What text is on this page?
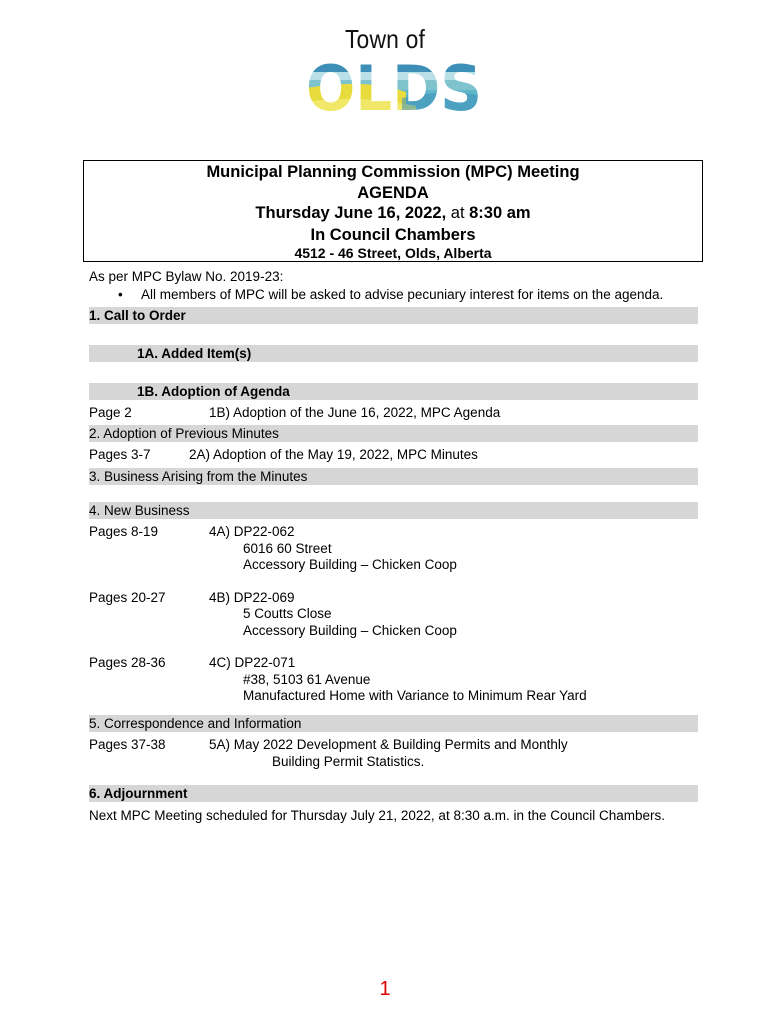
Town of
Municipal Planning Commission (MPC) Meeting
AGENDA
Thursday June 16, 2022, at 8:30 am
In Council Chambers
4512 - 46 Street, Olds, Alberta
As per MPC Bylaw No. 2019-23:
• All members of MPC will be asked to advise pecuniary interest for items on the agenda.
1. Call to Order
1A. Added Item(s)
1B. Adoption of Agenda
Page 2	1B) Adoption of the June 16, 2022, MPC Agenda
2. Adoption of Previous Minutes
Pages 3-7	2A) Adoption of the May 19, 2022, MPC Minutes
3. Business Arising from the Minutes
4. New Business
Pages 8-19	4A) DP22-062
6016 60 Street
Accessory Building – Chicken Coop
Pages 20-27	4B) DP22-069
5 Coutts Close
Accessory Building – Chicken Coop
Pages 28-36	4C) DP22-071
#38, 5103 61 Avenue
Manufactured Home with Variance to Minimum Rear Yard
5. Correspondence and Information
Pages 37-38	5A) May 2022 Development & Building Permits and Monthly
Building Permit Statistics.
6. Adjournment
Next MPC Meeting scheduled for Thursday July 21, 2022, at 8:30 a.m. in the Council Chambers.
1
